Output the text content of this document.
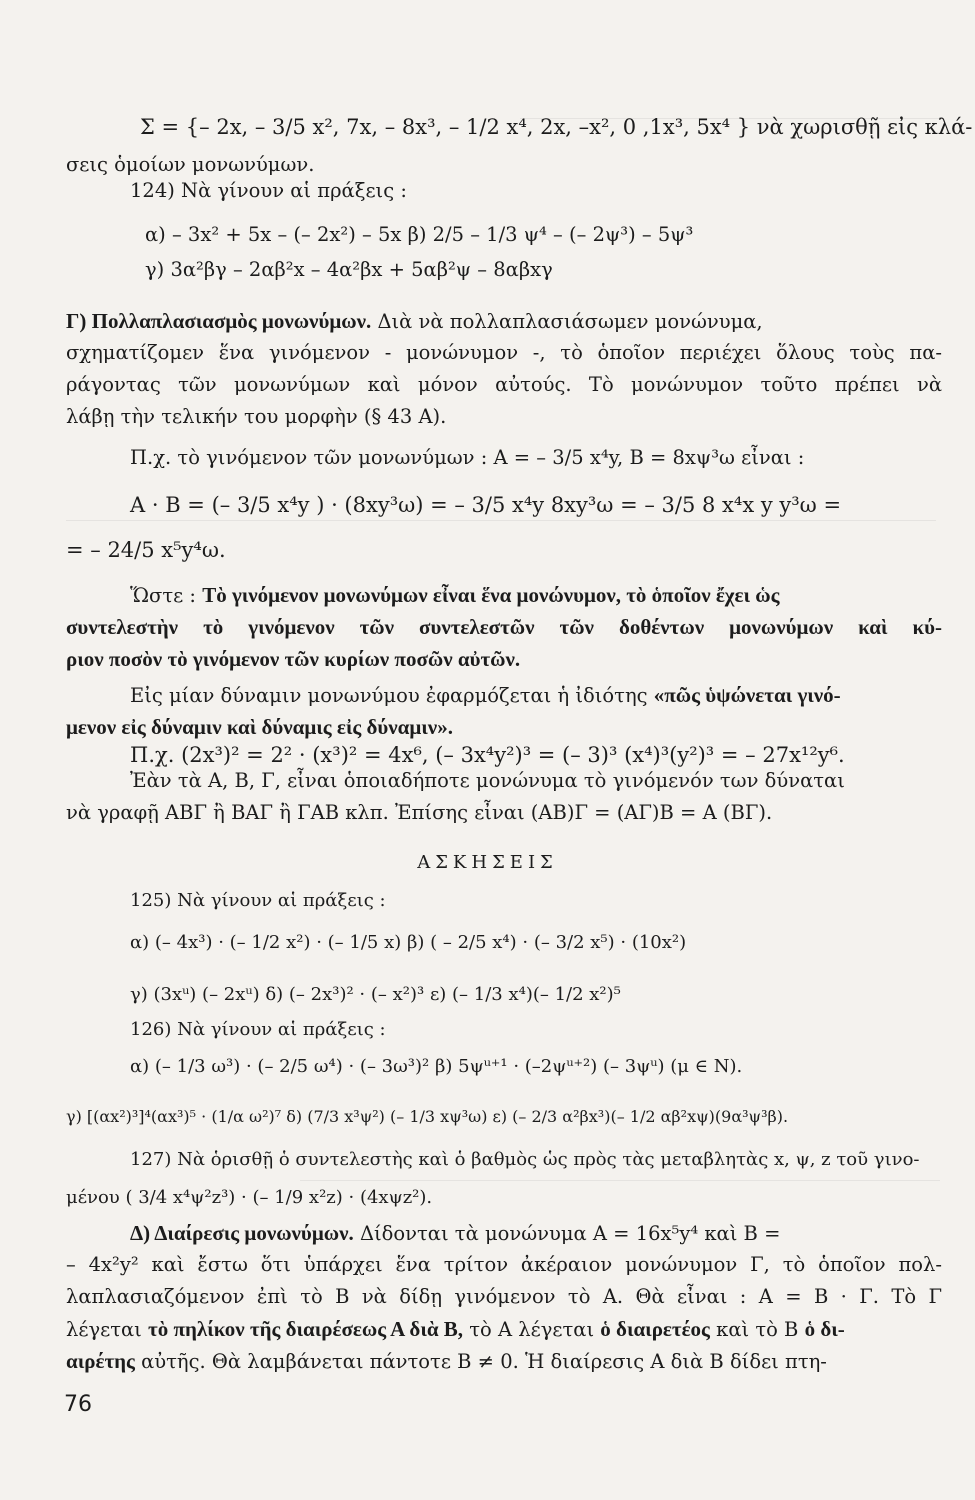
Σ = {– 2x, – 3/5 x², 7x, – 8x³, – 1/2 x⁴, 2x, –x², 0 ,1x³, 5x⁴ } νὰ χωρισθῇ εἰς κλά-
σεις ὁμοίων μονωνύμων.
124) Νὰ γίνουν αἱ πράξεις :
α) – 3x² + 5x – (– 2x²) – 5x β) 2/5 – 1/3 ψ⁴ – (– 2ψ³) – 5ψ³
γ) 3α²βγ – 2αβ²x – 4α²βx + 5αβ²ψ – 8αβxγ
Γ) Πολλαπλασιασμὸς μονωνύμων. Διὰ νὰ πολλαπλασιάσωμεν μονώνυμα,
σχηματίζομεν ἕνα γινόμενον - μονώνυμον -, τὸ ὁποῖον περιέχει ὅλους τοὺς πα-
ράγοντας τῶν μονωνύμων καὶ μόνον αὐτούς. Τὸ μονώνυμον τοῦτο πρέπει νὰ
λάβῃ τὴν τελικήν του μορφὴν (§ 43 Α).
Π.χ. τὸ γινόμενον τῶν μονωνύμων : Α = – 3/5 x⁴y, Β = 8xψ³ω εἶναι :
Α · Β = (– 3/5 x⁴y ) · (8xy³ω) = – 3/5 x⁴y 8xy³ω = – 3/5 8 x⁴x y y³ω =
= – 24/5 x⁵y⁴ω.
Ὥστε : Τὸ γινόμενον μονωνύμων εἶναι ἕνα μονώνυμον, τὸ ὁποῖον ἔχει ὡς
συντελεστὴν τὸ γινόμενον τῶν συντελεστῶν τῶν δοθέντων μονωνύμων καὶ κύ-
ριον ποσὸν τὸ γινόμενον τῶν κυρίων ποσῶν αὐτῶν.
Εἰς μίαν δύναμιν μονωνύμου ἐφαρμόζεται ἡ ἰδιότης «πῶς ὑψώνεται γινό-
μενον εἰς δύναμιν καὶ δύναμις εἰς δύναμιν».
Π.χ. (2x³)² = 2² · (x³)² = 4x⁶, (– 3x⁴y²)³ = (– 3)³ (x⁴)³(y²)³ = – 27x¹²y⁶.
Ἐὰν τὰ Α, Β, Γ, εἶναι ὁποιαδήποτε μονώνυμα τὸ γινόμενόν των δύναται
νὰ γραφῇ ΑΒΓ ἢ ΒΑΓ ἢ ΓΑΒ κλπ. Ἐπίσης εἶναι (ΑΒ)Γ = (ΑΓ)Β = Α (ΒΓ).
ΑΣΚΗΣΕΙΣ
125) Νὰ γίνουν αἱ πράξεις :
α) (– 4x³) · (– 1/2 x²) · (– 1/5 x) β) ( – 2/5 x⁴) · (– 3/2 x⁵) · (10x²)
γ) (3xᵘ) (– 2xᵘ) δ) (– 2x³)² · (– x²)³ ε) (– 1/3 x⁴)(– 1/2 x²)⁵
126) Νὰ γίνουν αἱ πράξεις :
α) (– 1/3 ω³) · (– 2/5 ω⁴) · (– 3ω³)² β) 5ψᵘ⁺¹ · (–2ψᵘ⁺²) (– 3ψᵘ) (μ ∈ Ν).
γ) [(αx²)³]⁴(αx³)⁵ · (1/α ω²)⁷ δ) (7/3 x³ψ²) (– 1/3 xψ³ω) ε) (– 2/3 α²βx³)(– 1/2 αβ²xψ)(9α³ψ³β).
127) Νὰ ὁρισθῇ ὁ συντελεστὴς καὶ ὁ βαθμὸς ὡς πρὸς τὰς μεταβλητὰς x, ψ, z τοῦ γινο-
μένου ( 3/4 x⁴ψ²z³) · (– 1/9 x²z) · (4xψz²).
Δ) Διαίρεσις μονωνύμων. Δίδονται τὰ μονώνυμα Α = 16x⁵y⁴ καὶ Β =
– 4x²y² καὶ ἔστω ὅτι ὑπάρχει ἕνα τρίτον ἀκέραιον μονώνυμον Γ, τὸ ὁποῖον πολ-
λαπλασιαζόμενον ἐπὶ τὸ Β νὰ δίδῃ γινόμενον τὸ Α. Θὰ εἶναι : Α = Β · Γ. Τὸ Γ
λέγεται τὸ πηλίκον τῆς διαιρέσεως Α διὰ Β, τὸ Α λέγεται ὁ διαιρετέος καὶ τὸ Β ὁ δι-
αιρέτης αὐτῆς. Θὰ λαμβάνεται πάντοτε Β ≠ 0. Ἡ διαίρεσις Α διὰ Β δίδει πτη-
76
